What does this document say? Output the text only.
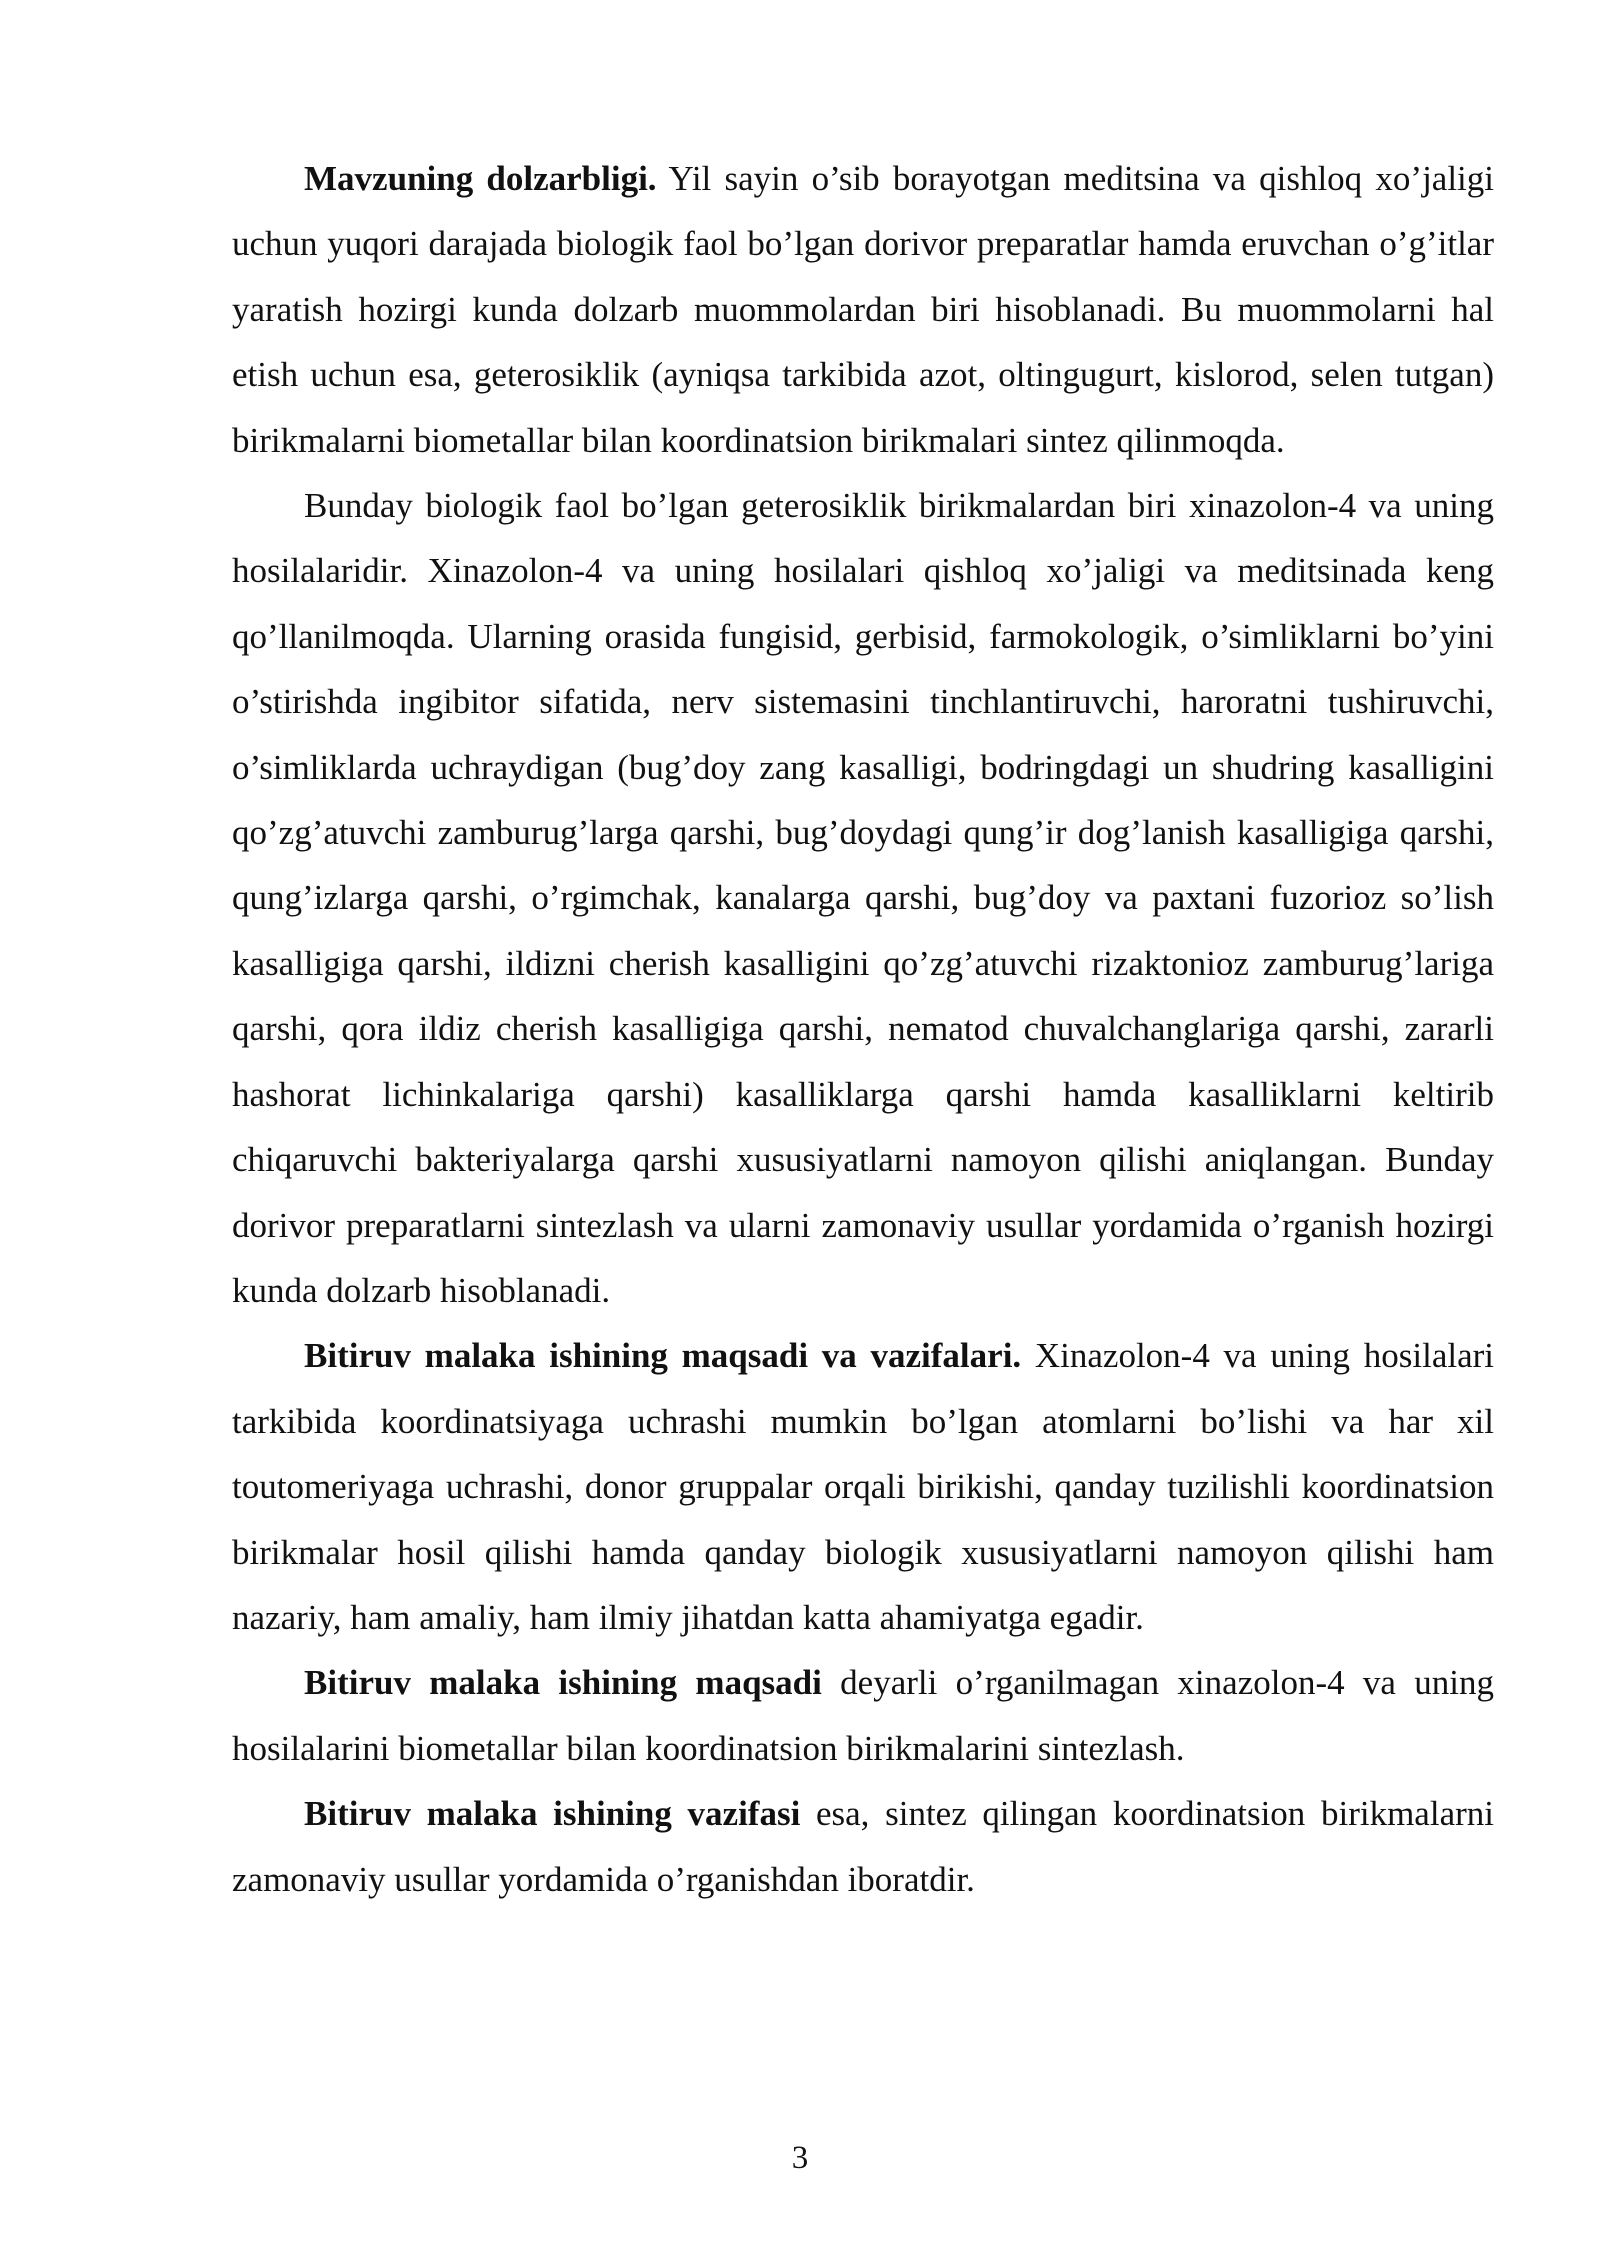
Mavzuning dolzarbligi. Yil sayin o’sib borayotgan meditsina va qishloq xo’jaligi uchun yuqori darajada biologik faol bo’lgan dorivor preparatlar hamda eruvchan o’g’itlar yaratish hozirgi kunda dolzarb muommolardan biri hisoblanadi. Bu muommolarni hal etish uchun esa, geterosiklik (ayniqsa tarkibida azot, oltingugurt, kislorod, selen tutgan) birikmalarni biometallar bilan koordinatsion birikmalari sintez qilinmoqda.

Bunday biologik faol bo’lgan geterosiklik birikmalardan biri xinazolon-4 va uning hosilalaridir. Xinazolon-4 va uning hosilalari qishloq xo’jaligi va meditsinada keng qo’llanilmoqda. Ularning orasida fungisid, gerbisid, farmokologik, o’simliklarni bo’yini o’stirishda ingibitor sifatida, nerv sistemasini tinchlantiruvchi, haroratni tushiruvchi, o’simliklarda uchraydigan (bug’doy zang kasalligi, bodringdagi un shudring kasalligini qo’zg’atuvchi zamburug’larga qarshi, bug’doydagi qung’ir dog’lanish kasalligiga qarshi, qung’izlarga qarshi, o’rgimchak, kanalarga qarshi, bug’doy va paxtani fuzorioz so’lish kasalligiga qarshi, ildizni cherish kasalligini qo’zg’atuvchi rizaktonioz zamburug’lariga qarshi, qora ildiz cherish kasalligiga qarshi, nematod chuvalchanglariga qarshi, zararli hashorat lichinkalariga qarshi) kasalliklarga qarshi hamda kasalliklarni keltirib chiqaruvchi bakteriyalarga qarshi xususiyatlarni namoyon qilishi aniqlangan. Bunday dorivor preparatlarni sintezlash va ularni zamonaviy usullar yordamida o’rganish hozirgi kunda dolzarb hisoblanadi.

Bitiruv malaka ishining maqsadi va vazifalari. Xinazolon-4 va uning hosilalari tarkibida koordinatsiyaga uchrashi mumkin bo’lgan atomlarni bo’lishi va har xil toutomeriyaga uchrashi, donor gruppalar orqali birikishi, qanday tuzilishli koordinatsion birikmalar hosil qilishi hamda qanday biologik xususiyatlarni namoyon qilishi ham nazariy, ham amaliy, ham ilmiy jihatdan katta ahamiyatga egadir.

Bitiruv malaka ishining maqsadi deyarli o’rganilmagan xinazolon-4 va uning hosilalarini biometallar bilan koordinatsion birikmalarini sintezlash.

Bitiruv malaka ishining vazifasi esa, sintez qilingan koordinatsion birikmalarni zamonaviy usullar yordamida o’rganishdan iboratdir.

3
